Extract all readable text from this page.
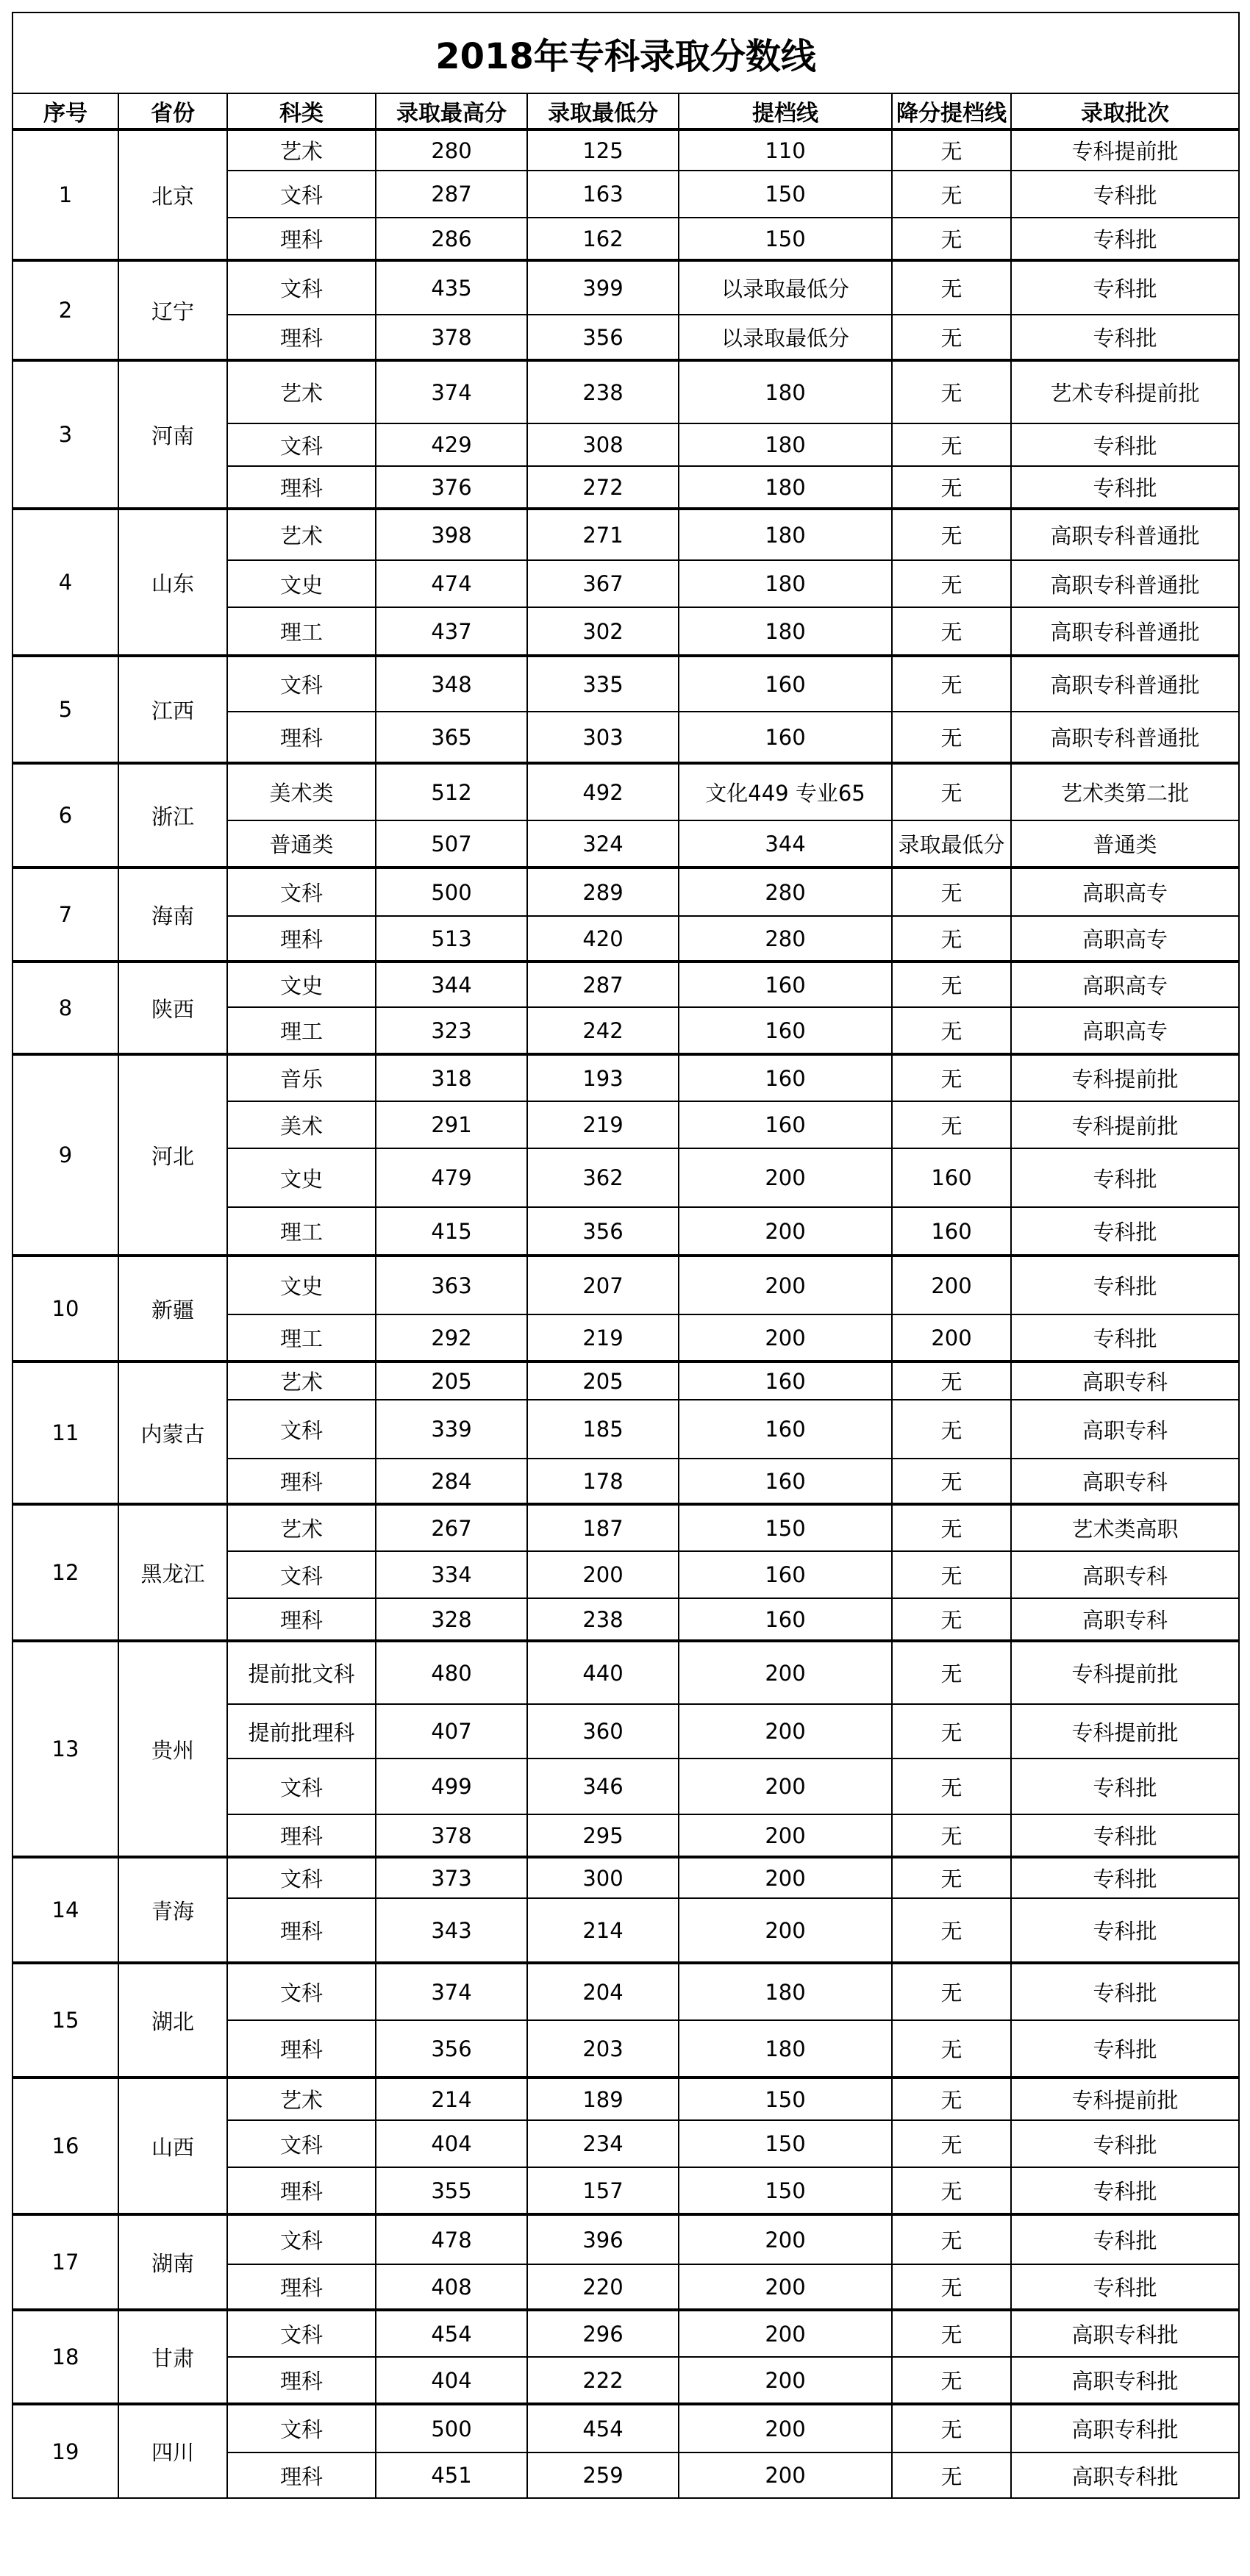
2018年专科录取分数线							
序号	省份	科类	录取最高分	录取最低分	提档线	降分提档线	录取批次
1	北京	艺术	280	125	110	无	专科提前批
		文科	287	163	150	无	专科批
		理科	286	162	150	无	专科批
2	辽宁	文科	435	399	以录取最低分	无	专科批
		理科	378	356	以录取最低分	无	专科批
3	河南	艺术	374	238	180	无	艺术专科提前批
		文科	429	308	180	无	专科批
		理科	376	272	180	无	专科批
4	山东	艺术	398	271	180	无	高职专科普通批
		文史	474	367	180	无	高职专科普通批
		理工	437	302	180	无	高职专科普通批
5	江西	文科	348	335	160	无	高职专科普通批
		理科	365	303	160	无	高职专科普通批
6	浙江	美术类	512	492	文化449 专业65	无	艺术类第二批
		普通类	507	324	344	录取最低分	普通类
7	海南	文科	500	289	280	无	高职高专
		理科	513	420	280	无	高职高专
8	陕西	文史	344	287	160	无	高职高专
		理工	323	242	160	无	高职高专
9	河北	音乐	318	193	160	无	专科提前批
		美术	291	219	160	无	专科提前批
		文史	479	362	200	160	专科批
		理工	415	356	200	160	专科批
10	新疆	文史	363	207	200	200	专科批
		理工	292	219	200	200	专科批
11	内蒙古	艺术	205	205	160	无	高职专科
		文科	339	185	160	无	高职专科
		理科	284	178	160	无	高职专科
12	黑龙江	艺术	267	187	150	无	艺术类高职
		文科	334	200	160	无	高职专科
		理科	328	238	160	无	高职专科
13	贵州	提前批文科	480	440	200	无	专科提前批
		提前批理科	407	360	200	无	专科提前批
		文科	499	346	200	无	专科批
		理科	378	295	200	无	专科批
14	青海	文科	373	300	200	无	专科批
		理科	343	214	200	无	专科批
15	湖北	文科	374	204	180	无	专科批
		理科	356	203	180	无	专科批
16	山西	艺术	214	189	150	无	专科提前批
		文科	404	234	150	无	专科批
		理科	355	157	150	无	专科批
17	湖南	文科	478	396	200	无	专科批
		理科	408	220	200	无	专科批
18	甘肃	文科	454	296	200	无	高职专科批
		理科	404	222	200	无	高职专科批
19	四川	文科	500	454	200	无	高职专科批
		理科	451	259	200	无	高职专科批
